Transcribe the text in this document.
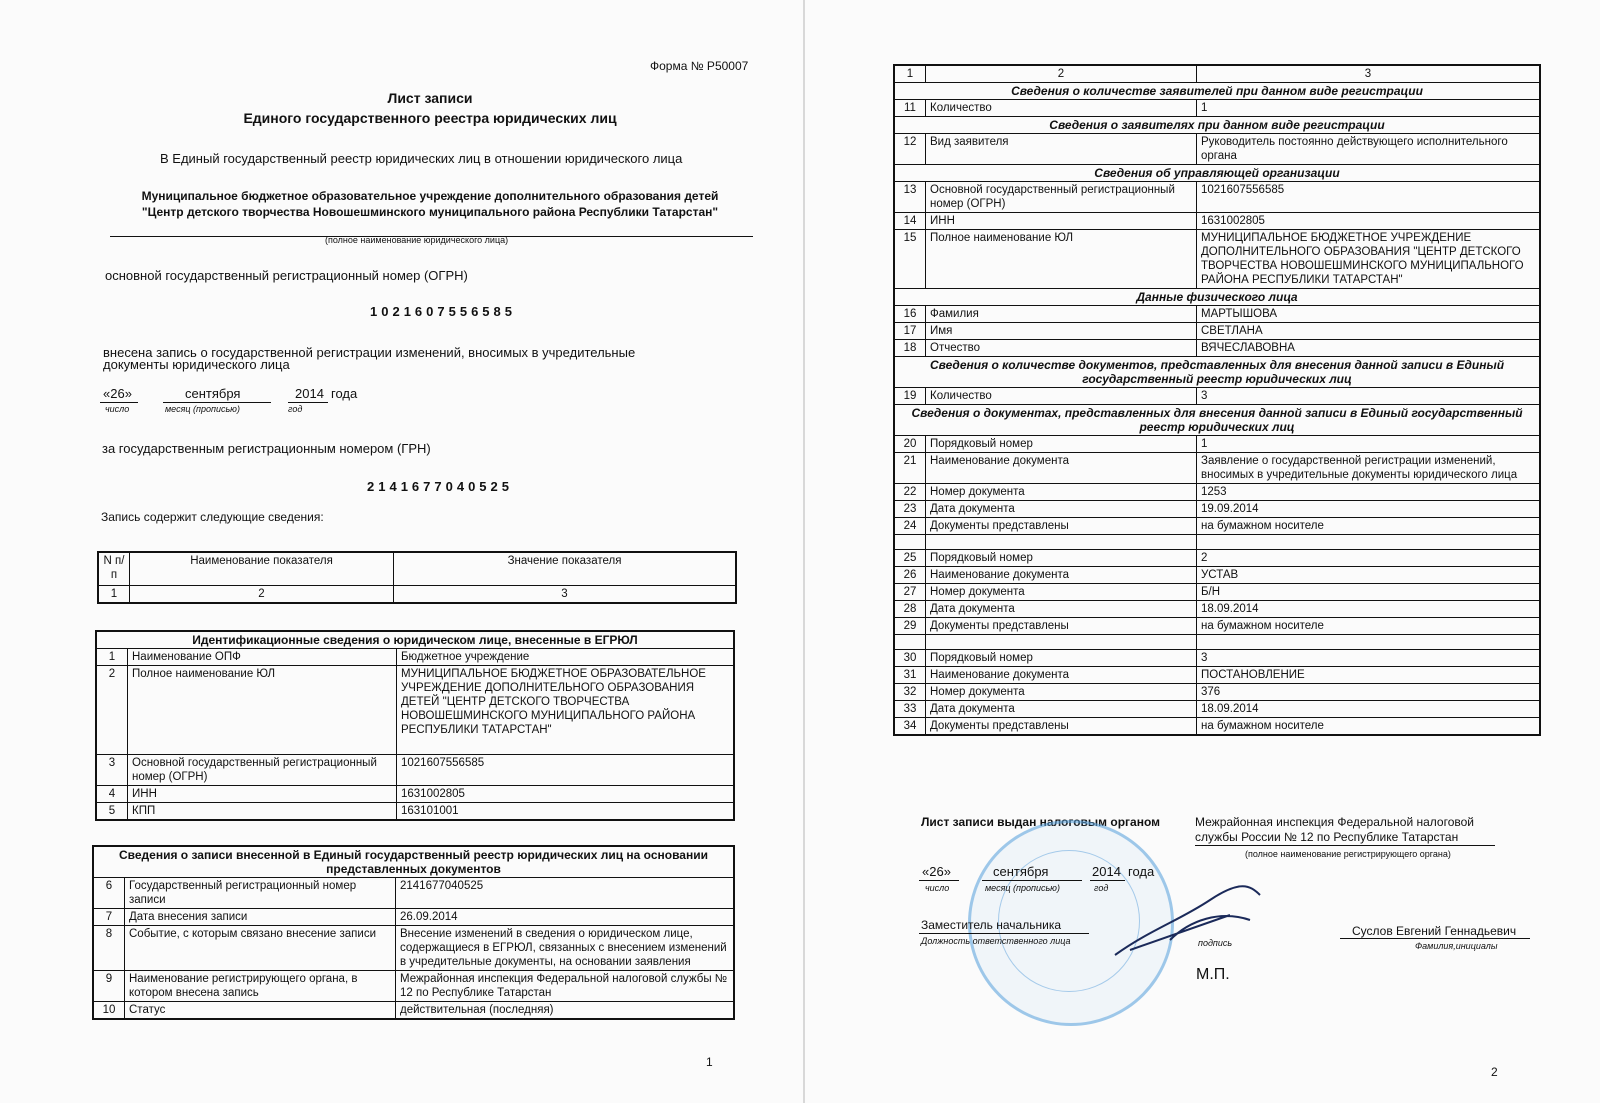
Форма № Р50007
Лист записи
Единого государственного реестра юридических лиц
В Единый государственный реестр юридических лиц в отношении юридического лица
Муниципальное бюджетное образовательное учреждение дополнительного образования детей
"Центр детского творчества Новошешминского муниципального района Республики Татарстан"
(полное наименование юридического лица)
основной государственный регистрационный номер (ОГРН)
1021607556585
внесена запись о государственной регистрации изменений, вносимых в учредительные
документы юридического лица
«26»	сентября	2014 года
число	месяц (прописью)	год
за государственным регистрационным номером (ГРН)
2141677040525
Запись содержит следующие сведения:
N п/п	Наименование показателя	Значение показателя
1	2	3
Идентификационные сведения о юридическом лице, внесенные в ЕГРЮЛ		
1	Наименование ОПФ	Бюджетное учреждение
2	Полное наименование ЮЛ	МУНИЦИПАЛЬНОЕ БЮДЖЕТНОЕ ОБРАЗОВАТЕЛЬНОЕ УЧРЕЖДЕНИЕ ДОПОЛНИТЕЛЬНОГО ОБРАЗОВАНИЯ ДЕТЕЙ "ЦЕНТР ДЕТСКОГО ТВОРЧЕСТВА НОВОШЕШМИНСКОГО МУНИЦИПАЛЬНОГО РАЙОНА РЕСПУБЛИКИ ТАТАРСТАН"
3	Основной государственный регистрационный номер (ОГРН)	1021607556585
4	ИНН	1631002805
5	КПП	163101001
Сведения о записи внесенной в Единый государственный реестр юридических лиц на основании представленных документов		
6	Государственный регистрационный номер записи	2141677040525
7	Дата внесения записи	26.09.2014
8	Событие, с которым связано внесение записи	Внесение изменений в сведения о юридическом лице, содержащиеся в ЕГРЮЛ, связанных с внесением изменений в учредительные документы, на основании заявления
9	Наименование регистрирующего органа, в котором внесена запись	Межрайонная инспекция Федеральной налоговой службы № 12 по Республике Татарстан
10	Статус	действительная (последняя)
1
1	2	3
Сведения о количестве заявителей при данном виде регистрации		
11	Количество	1
Сведения о заявителях при данном виде регистрации		
12	Вид заявителя	Руководитель постоянно действующего исполнительного органа
Сведения об управляющей организации		
13	Основной государственный регистрационный номер (ОГРН)	1021607556585
14	ИНН	1631002805
15	Полное наименование ЮЛ	МУНИЦИПАЛЬНОЕ БЮДЖЕТНОЕ УЧРЕЖДЕНИЕ ДОПОЛНИТЕЛЬНОГО ОБРАЗОВАНИЯ "ЦЕНТР ДЕТСКОГО ТВОРЧЕСТВА НОВОШЕШМИНСКОГО МУНИЦИПАЛЬНОГО РАЙОНА РЕСПУБЛИКИ ТАТАРСТАН"
Данные физического лица		
16	Фамилия	МАРТЫШОВА
17	Имя	СВЕТЛАНА
18	Отчество	ВЯЧЕСЛАВОВНА
Сведения о количестве документов, представленных для внесения данной записи в Единый государственный реестр юридических лиц		
19	Количество	3
Сведения о документах, представленных для внесения данной записи в Единый государственный реестр юридических лиц		
20	Порядковый номер	1
21	Наименование документа	Заявление о государственной регистрации изменений, вносимых в учредительные документы юридического лица
22	Номер документа	1253
23	Дата документа	19.09.2014
24	Документы представлены	на бумажном носителе

25	Порядковый номер	2
26	Наименование документа	УСТАВ
27	Номер документа	Б/Н
28	Дата документа	18.09.2014
29	Документы представлены	на бумажном носителе

30	Порядковый номер	3
31	Наименование документа	ПОСТАНОВЛЕНИЕ
32	Номер документа	376
33	Дата документа	18.09.2014
34	Документы представлены	на бумажном носителе
Лист записи выдан налоговым органом	Межрайонная инспекция Федеральной налоговой
службы России № 12 по Республике Татарстан
(полное наименование регистрирующего органа)
«26»	сентября	2014 года
число	месяц (прописью)	год
Заместитель начальника
Должность ответственного лица	подпись
Суслов Евгений Геннадьевич
Фамилия,инициалы
М.П.
2
